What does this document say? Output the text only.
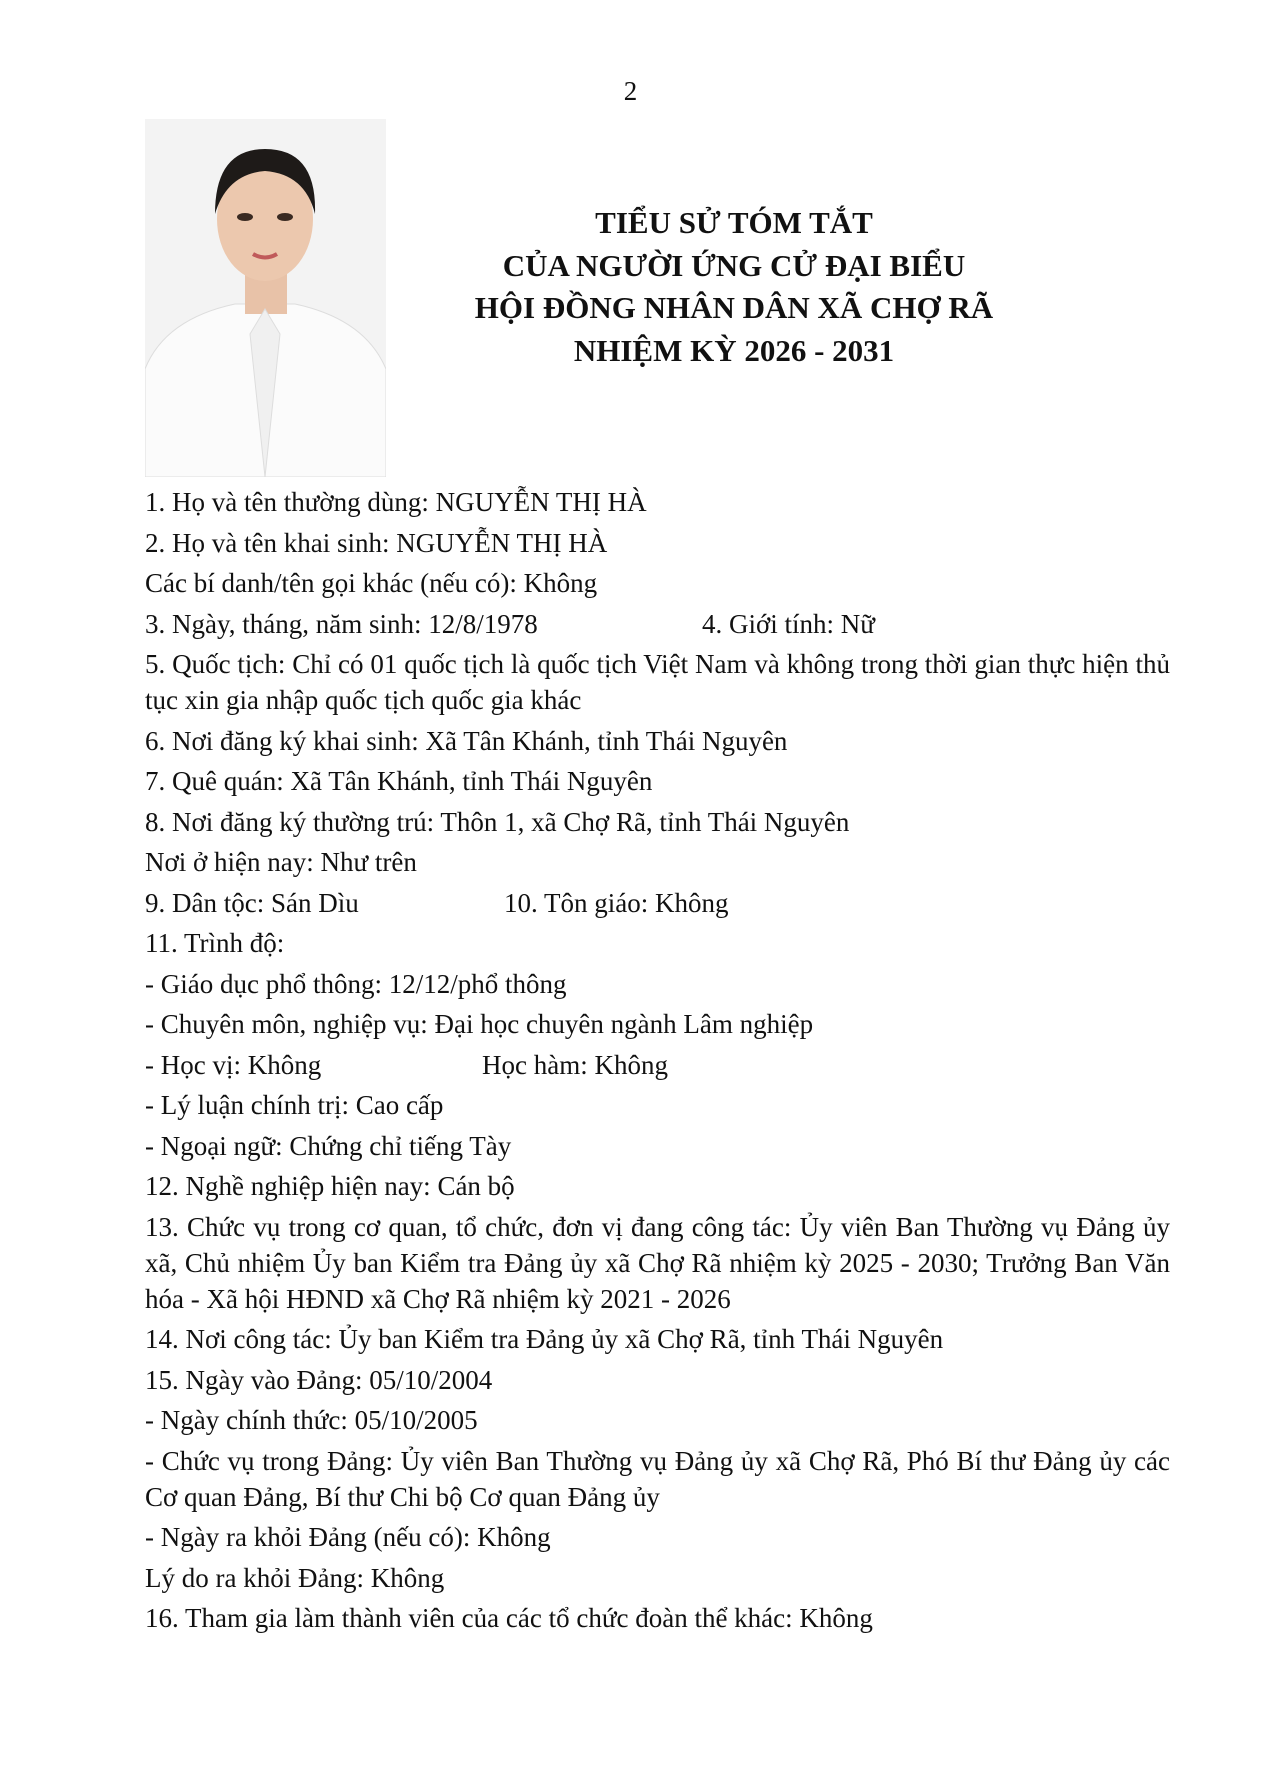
2
TIỂU SỬ TÓM TẮT
CỦA NGƯỜI ỨNG CỬ ĐẠI BIỂU
HỘI ĐỒNG NHÂN DÂN XÃ CHỢ RÃ
NHIỆM KỲ 2026 - 2031

1. Họ và tên thường dùng: NGUYỄN THỊ HÀ

2. Họ và tên khai sinh: NGUYỄN THỊ HÀ

Các bí danh/tên gọi khác (nếu có): Không

3. Ngày, tháng, năm sinh: 12/8/1978	4. Giới tính: Nữ

5. Quốc tịch: Chỉ có 01 quốc tịch là quốc tịch Việt Nam và không trong thời gian thực hiện thủ tục xin gia nhập quốc tịch quốc gia khác

6. Nơi đăng ký khai sinh: Xã Tân Khánh, tỉnh Thái Nguyên

7. Quê quán: Xã Tân Khánh, tỉnh Thái Nguyên

8. Nơi đăng ký thường trú: Thôn 1, xã Chợ Rã, tỉnh Thái Nguyên

Nơi ở hiện nay: Như trên

9. Dân tộc: Sán Dìu	10. Tôn giáo: Không

11. Trình độ:

- Giáo dục phổ thông: 12/12/phổ thông

- Chuyên môn, nghiệp vụ: Đại học chuyên ngành Lâm nghiệp

- Học vị: Không	Học hàm: Không

- Lý luận chính trị: Cao cấp

- Ngoại ngữ: Chứng chỉ tiếng Tày

12. Nghề nghiệp hiện nay: Cán bộ

13. Chức vụ trong cơ quan, tổ chức, đơn vị đang công tác: Ủy viên Ban Thường vụ Đảng ủy xã, Chủ nhiệm Ủy ban Kiểm tra Đảng ủy xã Chợ Rã nhiệm kỳ 2025 - 2030; Trưởng Ban Văn hóa - Xã hội HĐND xã Chợ Rã nhiệm kỳ 2021 - 2026

14. Nơi công tác: Ủy ban Kiểm tra Đảng ủy xã Chợ Rã, tỉnh Thái Nguyên

15. Ngày vào Đảng: 05/10/2004

- Ngày chính thức: 05/10/2005

- Chức vụ trong Đảng: Ủy viên Ban Thường vụ Đảng ủy xã Chợ Rã, Phó Bí thư Đảng ủy các Cơ quan Đảng, Bí thư Chi bộ Cơ quan Đảng ủy

- Ngày ra khỏi Đảng (nếu có): Không

Lý do ra khỏi Đảng: Không

16. Tham gia làm thành viên của các tổ chức đoàn thể khác: Không
